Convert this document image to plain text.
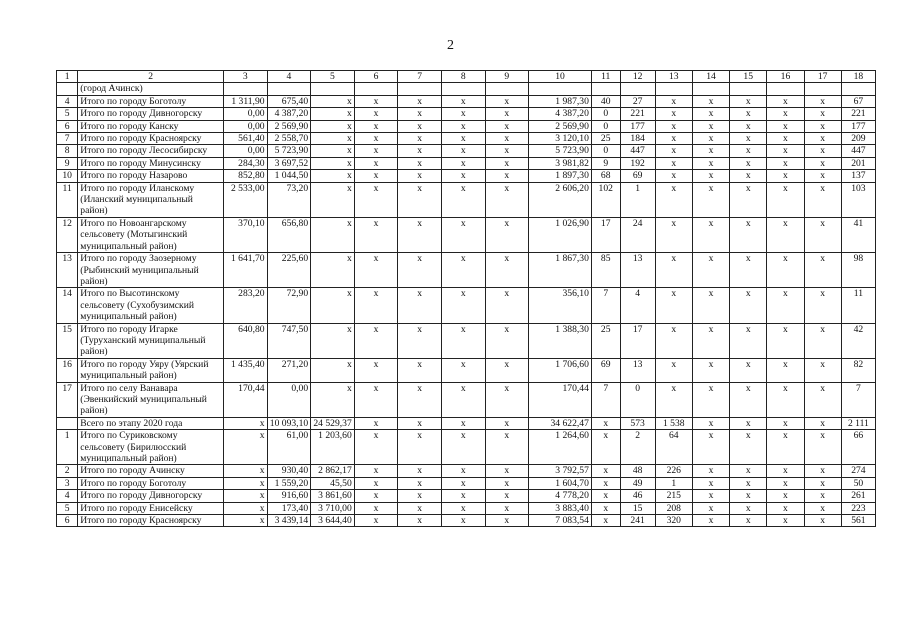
2
1	2	3	4	5	6	7	8	9	10	11	12	13	14	15	16	17	18
	(город Ачинск)																
4	Итого по городу Боготолу	1 311,90	675,40	x	x	x	x	x	1 987,30	40	27	x	x	x	x	x	67
5	Итого по городу Дивногорску	0,00	4 387,20	x	x	x	x	x	4 387,20	0	221	x	x	x	x	x	221
6	Итого по городу Канску	0,00	2 569,90	x	x	x	x	x	2 569,90	0	177	x	x	x	x	x	177
7	Итого по городу Красноярску	561,40	2 558,70	x	x	x	x	x	3 120,10	25	184	x	x	x	x	x	209
8	Итого по городу Лесосибирску	0,00	5 723,90	x	x	x	x	x	5 723,90	0	447	x	x	x	x	x	447
9	Итого по городу Минусинску	284,30	3 697,52	x	x	x	x	x	3 981,82	9	192	x	x	x	x	x	201
10	Итого по городу Назарово	852,80	1 044,50	x	x	x	x	x	1 897,30	68	69	x	x	x	x	x	137
11	Итого по городу Иланскому (Иланский муниципальный район)	2 533,00	73,20	x	x	x	x	x	2 606,20	102	1	x	x	x	x	x	103
12	Итого по Новоангарскому сельсовету (Мотыгинский муниципальный район)	370,10	656,80	x	x	x	x	x	1 026,90	17	24	x	x	x	x	x	41
13	Итого по городу Заозерному (Рыбинский муниципальный район)	1 641,70	225,60	x	x	x	x	x	1 867,30	85	13	x	x	x	x	x	98
14	Итого по Высотинскому сельсовету (Сухобузимский муниципальный район)	283,20	72,90	x	x	x	x	x	356,10	7	4	x	x	x	x	x	11
15	Итого по городу Игарке (Туруханский муниципальный район)	640,80	747,50	x	x	x	x	x	1 388,30	25	17	x	x	x	x	x	42
16	Итого по городу Уяру (Уярский муниципальный район)	1 435,40	271,20	x	x	x	x	x	1 706,60	69	13	x	x	x	x	x	82
17	Итого по селу Ванавара (Эвенкийский муниципальный район)	170,44	0,00	x	x	x	x	x	170,44	7	0	x	x	x	x	x	7
	Всего по этапу 2020 года	x	10 093,10	24 529,37	x	x	x	x	34 622,47	x	573	1 538	x	x	x	x	2 111
1	Итого по Суриковскому сельсовету (Бирилюсский муниципальный район)	x	61,00	1 203,60	x	x	x	x	1 264,60	x	2	64	x	x	x	x	66
2	Итого по городу Ачинску	x	930,40	2 862,17	x	x	x	x	3 792,57	x	48	226	x	x	x	x	274
3	Итого по городу Боготолу	x	1 559,20	45,50	x	x	x	x	1 604,70	x	49	1	x	x	x	x	50
4	Итого по городу Дивногорску	x	916,60	3 861,60	x	x	x	x	4 778,20	x	46	215	x	x	x	x	261
5	Итого по городу Енисейску	x	173,40	3 710,00	x	x	x	x	3 883,40	x	15	208	x	x	x	x	223
6	Итого по городу Красноярску	x	3 439,14	3 644,40	x	x	x	x	7 083,54	x	241	320	x	x	x	x	561
